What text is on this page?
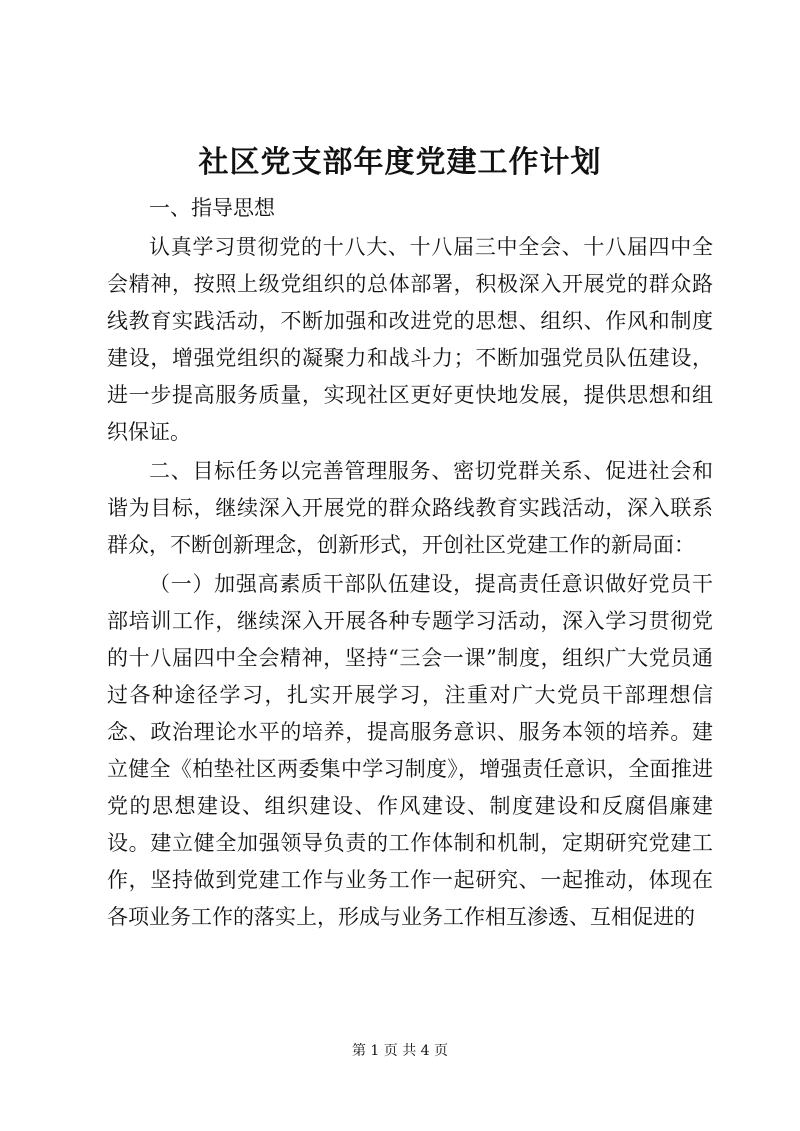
社区党支部年度党建工作计划

一、指导思想

认真学习贯彻党的十八大、十八届三中全会、十八届四中全会精神，按照上级党组织的总体部署，积极深入开展党的群众路线教育实践活动，不断加强和改进党的思想、组织、作风和制度建设，增强党组织的凝聚力和战斗力；不断加强党员队伍建设，进一步提高服务质量，实现社区更好更快地发展，提供思想和组织保证。

二、目标任务以完善管理服务、密切党群关系、促进社会和谐为目标，继续深入开展党的群众路线教育实践活动，深入联系群众，不断创新理念，创新形式，开创社区党建工作的新局面：

（一）加强高素质干部队伍建设，提高责任意识做好党员干部培训工作，继续深入开展各种专题学习活动，深入学习贯彻党的十八届四中全会精神，坚持“三会一课”制度，组织广大党员通过各种途径学习，扎实开展学习，注重对广大党员干部理想信念、政治理论水平的培养，提高服务意识、服务本领的培养。建立健全《柏垫社区两委集中学习制度》，增强责任意识，全面推进党的思想建设、组织建设、作风建设、制度建设和反腐倡廉建设。建立健全加强领导负责的工作体制和机制，定期研究党建工作，坚持做到党建工作与业务工作一起研究、一起推动，体现在各项业务工作的落实上，形成与业务工作相互渗透、互相促进的

第 1 页 共 4 页
